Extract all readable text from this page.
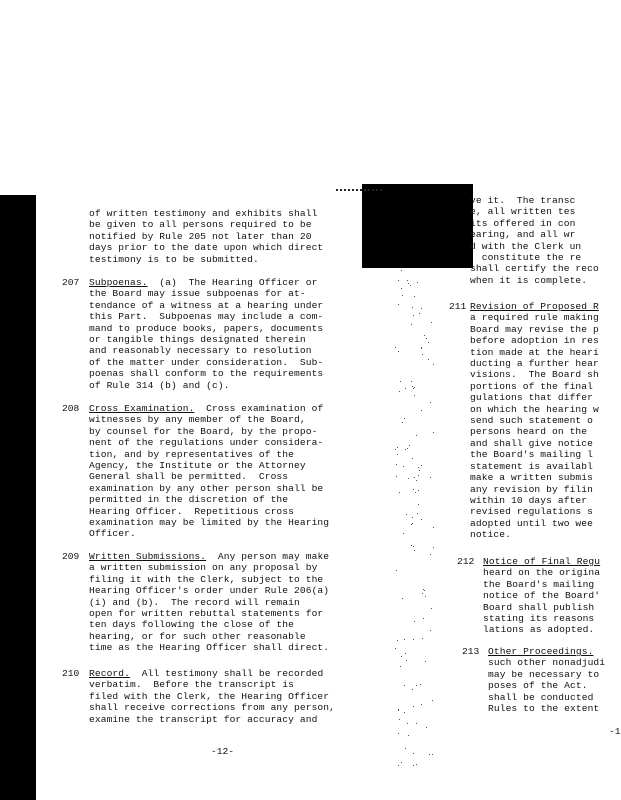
of written testimony and exhibits shall
be given to all persons required to be
notified by Rule 205 not later than 20
days prior to the date upon which direct
testimony is to be submitted.
207 Subpoenas.  (a)  The Hearing Officer or
the Board may issue subpoenas for at-
tendance of a witness at a hearing under
this Part.  Subpoenas may include a com-
mand to produce books, papers, documents
or tangible things designated therein
and reasonably necessary to resolution
of the matter under consideration.  Sub-
poenas shall conform to the requirements
of Rule 314 (b) and (c).
208 Cross Examination.  Cross examination of
witnesses by any member of the Board,
by counsel for the Board, by the propo-
nent of the regulations under considera-
tion, and by representatives of the
Agency, the Institute or the Attorney
General shall be permitted.  Cross
examination by any other person shall be
permitted in the discretion of the
Hearing Officer.  Repetitious cross
examination may be limited by the Hearing
Officer.
209 Written Submissions.  Any person may make
a written submission on any proposal by
filing it with the Clerk, subject to the
Hearing Officer's order under Rule 206(a)
(i) and (b).  The record will remain
open for written rebuttal statements for
ten days following the close of the
hearing, or for such other reasonable
time as the Hearing Officer shall direct.
210 Record.  All testimony shall be recorded
verbatim.  Before the transcript is
filed with the Clerk, the Hearing Officer
shall receive corrections from any person,
examine the transcript for accuracy and
ve it.  The transc
e, all written tes
its offered in con
earing, and all wr
d with the Clerk un
constitute the re
shall certify the reco
when it is complete.
211 Revision of Proposed R
a required rule making
Board may revise the p
before adoption in res
tion made at the heari
ducting a further hear
visions.  The Board sh
portions of the final
gulations that differ
on which the hearing w
send such statement o
persons heard on the
and shall give notice
the Board's mailing l
statement is availabl
make a written submis
any revision by filin
within 10 days after
revised regulations s
adopted until two wee
notice.
212 Notice of Final Regu
heard on the origina
the Board's mailing
notice of the Board'
Board shall publish
stating its reasons
lations as adopted.
213 Other Proceedings.
such other nonadjudi
may be necessary to
poses of the Act.
shall be conducted
Rules to the extent
-12-
-1
